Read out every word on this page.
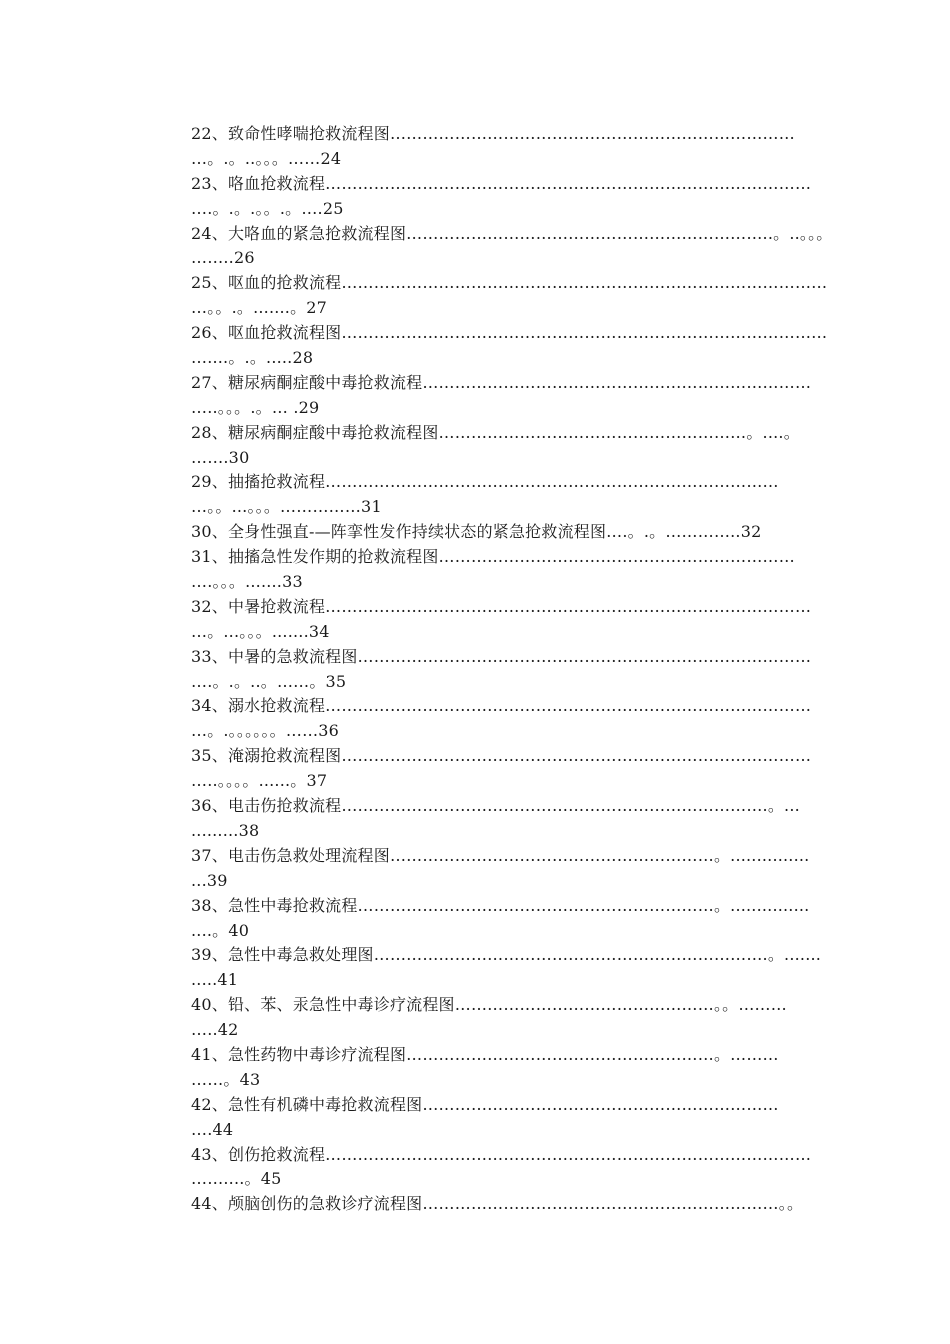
22、致命性哮喘抢救流程图…………………………………………………………………
…。.。..。。。……24
23、咯血抢救流程………………………………………………………………………………
….。.。.。。.。….25
24、大咯血的紧急抢救流程图…………………………………………………………..。..。。。
……..26
25、呕血的抢救流程………………………………………………………………………………
…。。.。.......。27
26、呕血抢救流程图………………………………………………………………………………
…....。.。.....28
27、糖尿病酮症酸中毒抢救流程………………………………………………………………
…..。。。.。… .29
28、糖尿病酮症酸中毒抢救流程图…………………………………………………。....。
…….30
29、抽搐抢救流程…………………………………………………………………………
…。。...。。。……………31
30、全身性强直-—阵挛性发作持续状态的紧急抢救流程图….。.。…………..32
31、抽搐急性发作期的抢救流程图…………………………………………………………
….。。。.......33
32、中暑抢救流程………………………………………………………………………………
…。...。。。.......34
33、中暑的急救流程图…………………………………………………………………………
….。.。..。……。35
34、溺水抢救流程………………………………………………………………………………
…。.。。。。。。……36
35、淹溺抢救流程图……………………………………………………………………………
…..。。。。......。37
36、电击伤抢救流程…………………………………………………………………….。...
.........38
37、电击伤急救处理流程图……………………………………………………。...............
...39
38、急性中毒抢救流程…………………………………………………………。...............
....。40
39、急性中毒急救处理图……………………………………………………………….。.......
.....41
40、铅、苯、汞急性中毒诊疗流程图…………………………………………。。………
…..42
41、急性药物中毒诊疗流程图…………………………………………………。………
……。43
42、急性有机磷中毒抢救流程图…………………………………………………………
….44
43、创伤抢救流程………………………………………………………………………………
……....。45
44、颅脑创伤的急救诊疗流程图…………………………………………………………。。
